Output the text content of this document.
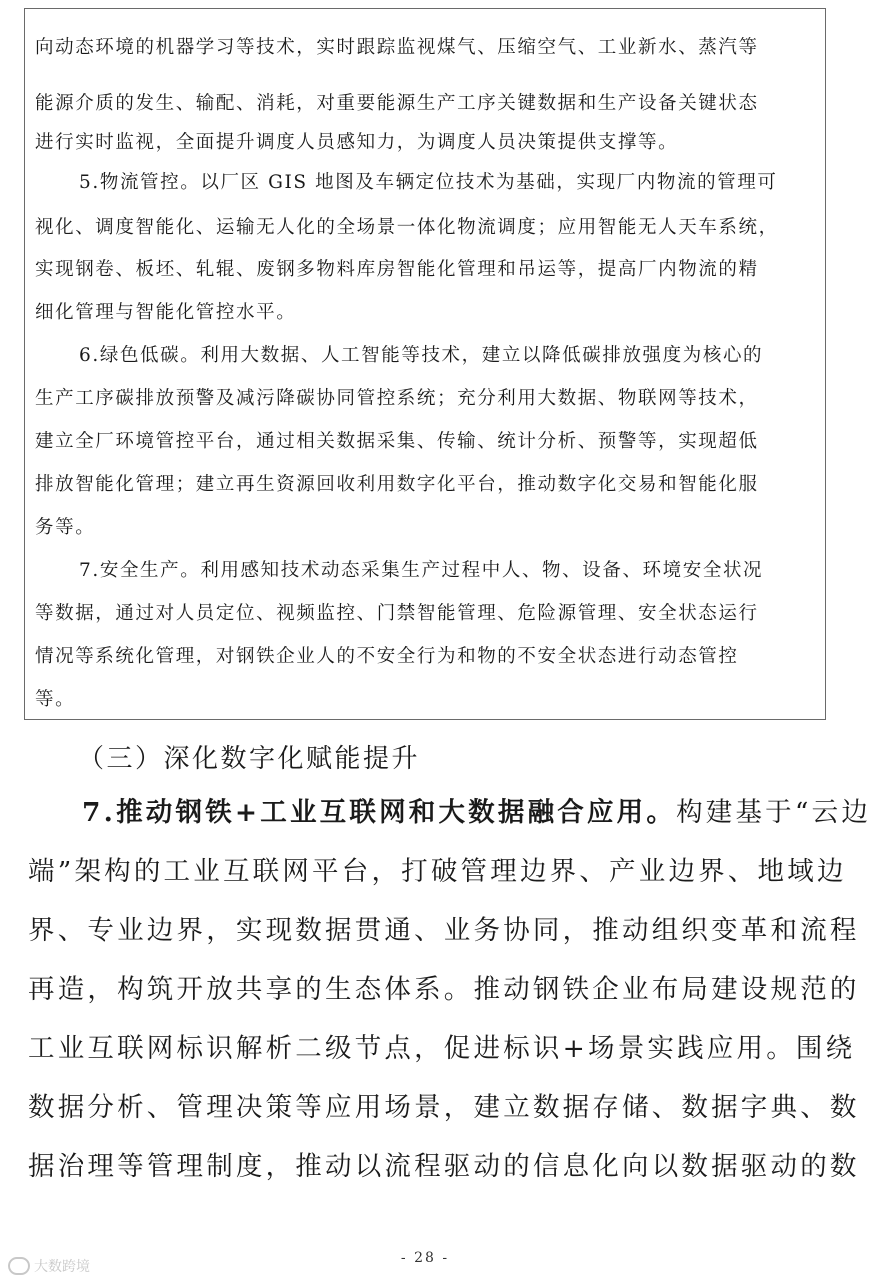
向动态环境的机器学习等技术，实时跟踪监视煤气、压缩空气、工业新水、蒸汽等
能源介质的发生、输配、消耗，对重要能源生产工序关键数据和生产设备关键状态
进行实时监视，全面提升调度人员感知力，为调度人员决策提供支撑等。
5.物流管控。以厂区 GIS 地图及车辆定位技术为基础，实现厂内物流的管理可
视化、调度智能化、运输无人化的全场景一体化物流调度；应用智能无人天车系统，
实现钢卷、板坯、轧辊、废钢多物料库房智能化管理和吊运等，提高厂内物流的精
细化管理与智能化管控水平。
6.绿色低碳。利用大数据、人工智能等技术，建立以降低碳排放强度为核心的
生产工序碳排放预警及减污降碳协同管控系统；充分利用大数据、物联网等技术，
建立全厂环境管控平台，通过相关数据采集、传输、统计分析、预警等，实现超低
排放智能化管理；建立再生资源回收利用数字化平台，推动数字化交易和智能化服
务等。
7.安全生产。利用感知技术动态采集生产过程中人、物、设备、环境安全状况
等数据，通过对人员定位、视频监控、门禁智能管理、危险源管理、安全状态运行
情况等系统化管理，对钢铁企业人的不安全行为和物的不安全状态进行动态管控
等。
（三）深化数字化赋能提升
7.推动钢铁+工业互联网和大数据融合应用。构建基于“云边
端”架构的工业互联网平台，打破管理边界、产业边界、地域边
界、专业边界，实现数据贯通、业务协同，推动组织变革和流程
再造，构筑开放共享的生态体系。推动钢铁企业布局建设规范的
工业互联网标识解析二级节点，促进标识+场景实践应用。围绕
数据分析、管理决策等应用场景，建立数据存储、数据字典、数
据治理等管理制度，推动以流程驱动的信息化向以数据驱动的数
- 28 -
大数跨境
